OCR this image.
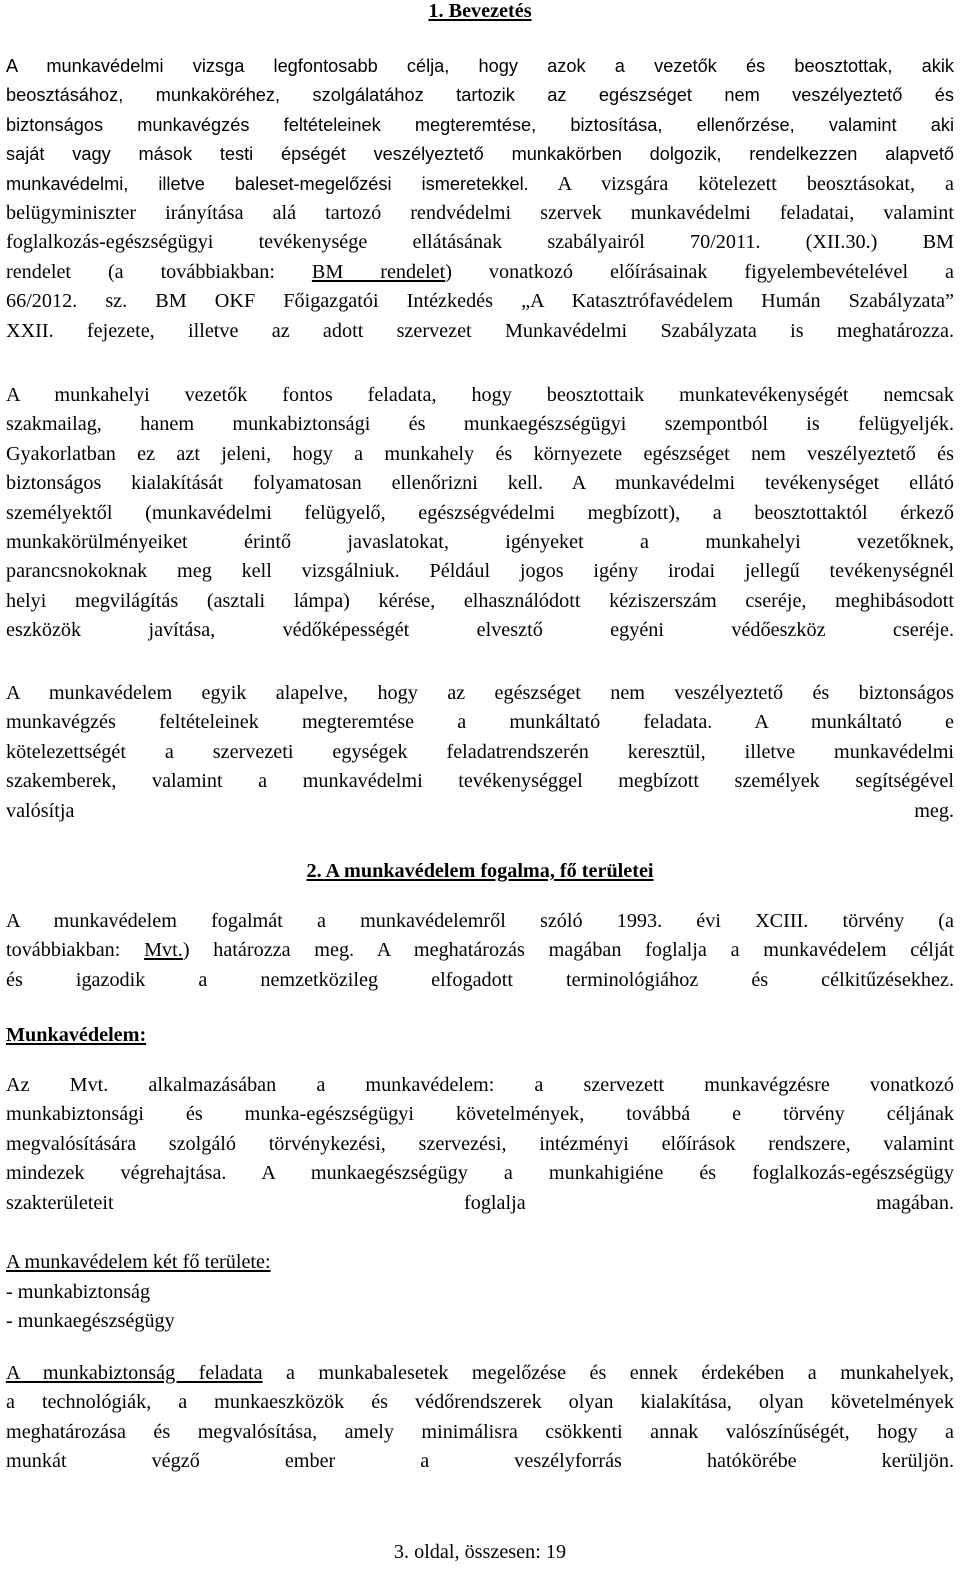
1. Bevezetés
A munkavédelmi vizsga legfontosabb célja, hogy azok a vezetők és beosztottak, akik
beosztásához, munkaköréhez, szolgálatához tartozik az egészséget nem veszélyeztető és
biztonságos munkavégzés feltételeinek megteremtése, biztosítása, ellenőrzése, valamint aki
saját vagy mások testi épségét veszélyeztető munkakörben dolgozik, rendelkezzen alapvető
munkavédelmi, illetve baleset-megelőzési ismeretekkel. A vizsgára kötelezett beosztásokat, a
belügyminiszter irányítása alá tartozó rendvédelmi szervek munkavédelmi feladatai, valamint
foglalkozás-egészségügyi tevékenysége ellátásának szabályairól 70/2011. (XII.30.) BM
rendelet (a továbbiakban: BM rendelet) vonatkozó előírásainak figyelembevételével a
66/2012. sz. BM OKF Főigazgatói Intézkedés „A Katasztrófavédelem Humán Szabályzata”
XXII. fejezete, illetve az adott szervezet Munkavédelmi Szabályzata is meghatározza.
A munkahelyi vezetők fontos feladata, hogy beosztottaik munkatevékenységét nemcsak
szakmailag, hanem munkabiztonsági és munkaegészségügyi szempontból is felügyeljék.
Gyakorlatban ez azt jeleni, hogy a munkahely és környezete egészséget nem veszélyeztető és
biztonságos kialakítását folyamatosan ellenőrizni kell. A munkavédelmi tevékenységet ellátó
személyektől (munkavédelmi felügyelő, egészségvédelmi megbízott), a beosztottaktól érkező
munkakörülményeiket érintő javaslatokat, igényeket a munkahelyi vezetőknek,
parancsnokoknak meg kell vizsgálniuk. Például jogos igény irodai jellegű tevékenységnél
helyi megvilágítás (asztali lámpa) kérése, elhasználódott kéziszerszám cseréje, meghibásodott
eszközök javítása, védőképességét elvesztő egyéni védőeszköz cseréje.
A munkavédelem egyik alapelve, hogy az egészséget nem veszélyeztető és biztonságos
munkavégzés feltételeinek megteremtése a munkáltató feladata. A munkáltató e
kötelezettségét a szervezeti egységek feladatrendszerén keresztül, illetve munkavédelmi
szakemberek, valamint a munkavédelmi tevékenységgel megbízott személyek segítségével
valósítja meg.
2. A munkavédelem fogalma, fő területei
A munkavédelem fogalmát a munkavédelemről szóló 1993. évi XCIII. törvény (a
továbbiakban: Mvt.) határozza meg. A meghatározás magában foglalja a munkavédelem célját
és igazodik a nemzetközileg elfogadott terminológiához és célkitűzésekhez.
Munkavédelem:
Az Mvt. alkalmazásában a munkavédelem: a szervezett munkavégzésre vonatkozó
munkabiztonsági és munka-egészségügyi követelmények, továbbá e törvény céljának
megvalósítására szolgáló törvénykezési, szervezési, intézményi előírások rendszere, valamint
mindezek végrehajtása. A munkaegészségügy a munkahigiéne és foglalkozás-egészségügy
szakterületeit foglalja magában.
A munkavédelem két fő területe:
- munkabiztonság
- munkaegészségügy
A munkabiztonság feladata a munkabalesetek megelőzése és ennek érdekében a munkahelyek,
a technológiák, a munkaeszközök és védőrendszerek olyan kialakítása, olyan követelmények
meghatározása és megvalósítása, amely minimálisra csökkenti annak valószínűségét, hogy a
munkát végző ember a veszélyforrás hatókörébe kerüljön.
3. oldal, összesen: 19
